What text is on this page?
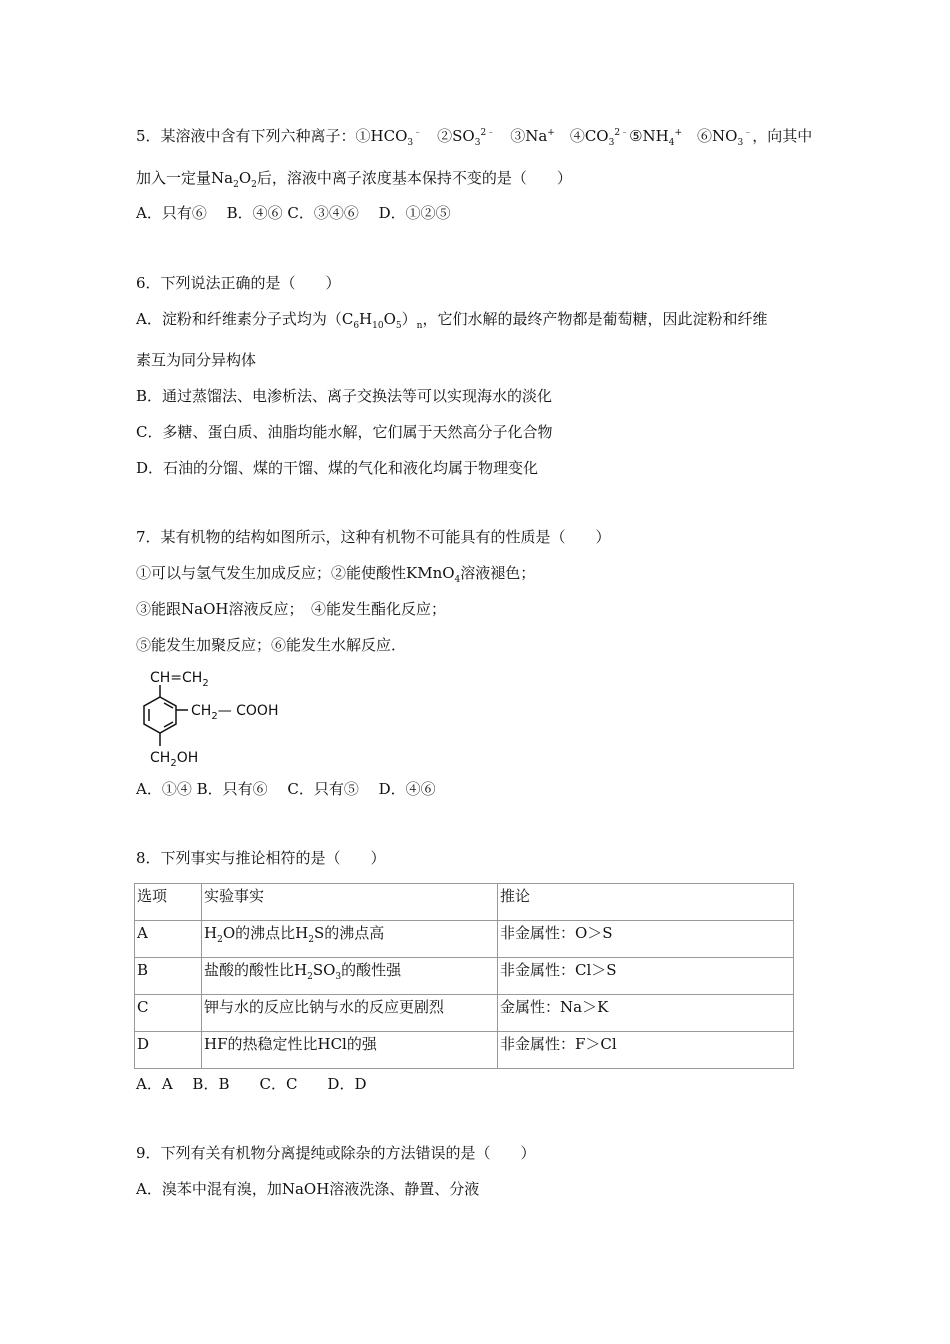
5．某溶液中含有下列六种离子：$①HCO_3^﹣$　$②SO_3^{2﹣}$　③Na+　$④CO_3^{2﹣}⑤NH_4^+$　$⑥NO_3^﹣$，向其中
加入一定量$Na_2O_2$后，溶液中离子浓度基本保持不变的是（　　）
A．只有⑥　 B．④⑥ C．③④⑥　 D．①②⑤
6．下列说法正确的是（　　）
A．淀粉和纤维素分子式均为$(C_6H_{10}O_5)_n$，它们水解的最终产物都是葡萄糖，因此淀粉和纤维
素互为同分异构体
B．通过蒸馏法、电渗析法、离子交换法等可以实现海水的淡化
C．多糖、蛋白质、油脂均能水解，它们属于天然高分子化合物
D．石油的分馏、煤的干馏、煤的气化和液化均属于物理变化
7．某有机物的结构如图所示，这种有机物不可能具有的性质是（　　）
①可以与氢气发生加成反应；②能使酸性KMnO$_4$溶液褪色；
③能跟NaOH溶液反应；　④能发生酯化反应；
⑤能发生加聚反应；⑥能发生水解反应．
$CH=CH_2$
$CH_2—$ COOH
$CH_2OH$
A．①④ B．只有⑥　 C．只有⑤　 D．④⑥
8．下列事实与推论相符的是（　　）
选项	实验事实	推论
A	$H_2O$的沸点比$H_2S$的沸点高	非金属性：O＞S
B	盐酸的酸性比$H_2SO_3$的酸性强	非金属性：Cl＞S
C	钾与水的反应比钠与水的反应更剧烈	金属性：Na＞K
D	HF的热稳定性比HCl的强	非金属性：F＞Cl
A．A　 B．B　　C．C　　D．D
9．下列有关有机物分离提纯或除杂的方法错误的是（　　）
A．溴苯中混有溴，加NaOH溶液洗涤、静置、分液
